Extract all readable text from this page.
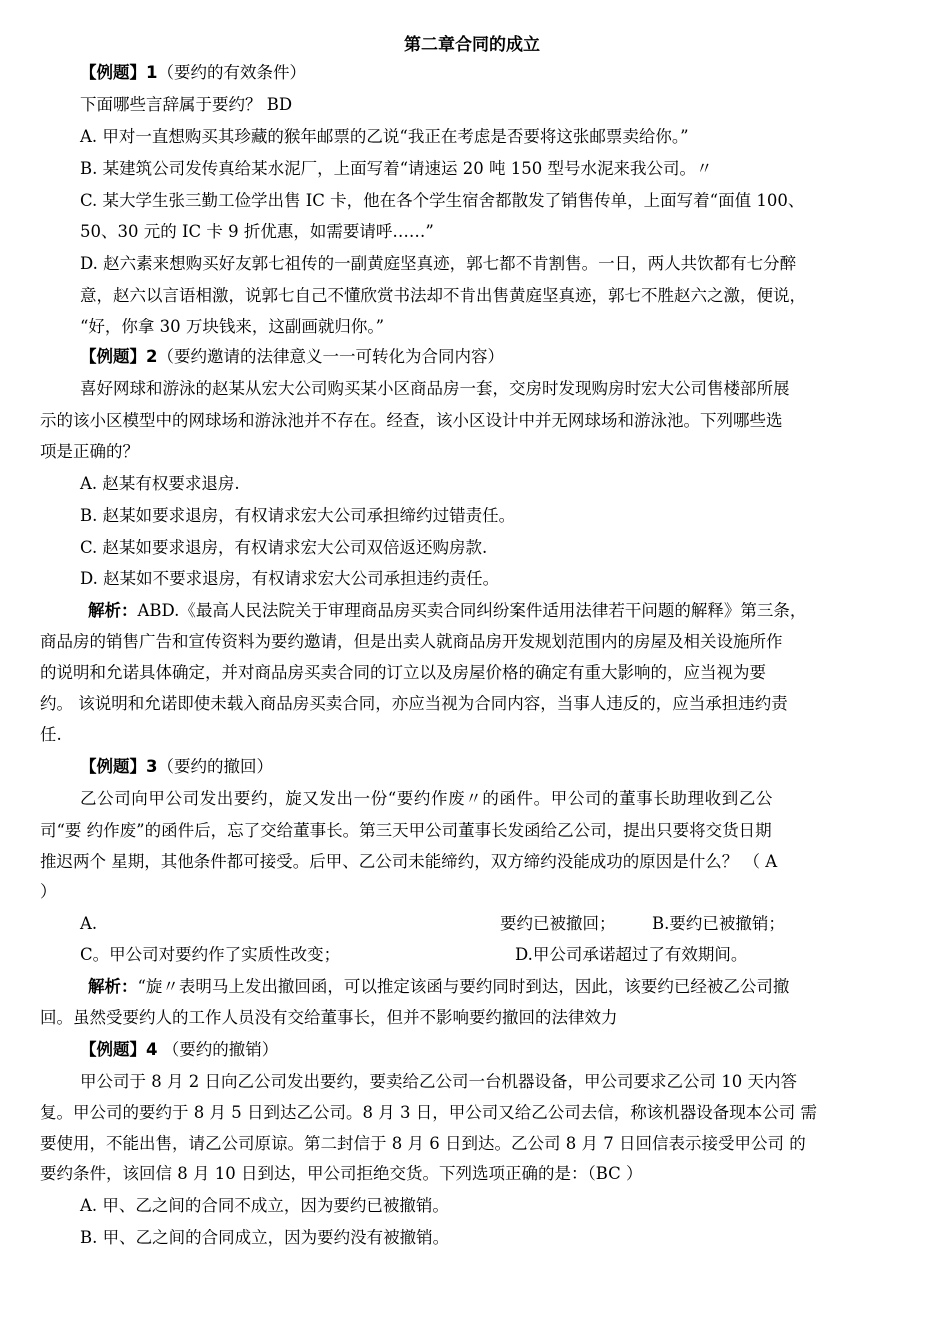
第二章合同的成立
【例题】1（要约的有效条件）
下面哪些言辞属于要约？ BD
A. 甲对一直想购买其珍藏的猴年邮票的乙说“我正在考虑是否要将这张邮票卖给你。”
B. 某建筑公司发传真给某水泥厂，上面写着“请速运 20 吨 150 型号水泥来我公司。〃
C. 某大学生张三勤工俭学出售 IC 卡，他在各个学生宿舍都散发了销售传单，上面写着“面值 100、
50、30 元的 IC 卡 9 折优惠，如需要请呼……”
D. 赵六素来想购买好友郭七祖传的一副黄庭坚真迹，郭七都不肯割售。一日，两人共饮都有七分醉
意，赵六以言语相激，说郭七自己不懂欣赏书法却不肯出售黄庭坚真迹，郭七不胜赵六之激，便说，
“好，你拿 30 万块钱来，这副画就归你。”
【例题】2（要约邀请的法律意义一一可转化为合同内容）
喜好网球和游泳的赵某从宏大公司购买某小区商品房一套，交房时发现购房时宏大公司售楼部所展
示的该小区模型中的网球场和游泳池并不存在。经查，该小区设计中并无网球场和游泳池。下列哪些选
项是正确的？
A. 赵某有权要求退房.
B. 赵某如要求退房，有权请求宏大公司承担缔约过错责任。
C. 赵某如要求退房，有权请求宏大公司双倍返还购房款.
D. 赵某如不要求退房，有权请求宏大公司承担违约责任。
解析：ABD.《最高人民法院关于审理商品房买卖合同纠纷案件适用法律若干问题的解释》第三条，
商品房的销售广告和宣传资料为要约邀请，但是出卖人就商品房开发规划范围内的房屋及相关设施所作
的说明和允诺具体确定，并对商品房买卖合同的订立以及房屋价格的确定有重大影响的，应当视为要
约。 该说明和允诺即使未载入商品房买卖合同，亦应当视为合同内容，当事人违反的，应当承担违约责
任.
【例题】3（要约的撤回）
乙公司向甲公司发出要约，旋又发出一份“要约作废〃的函件。甲公司的董事长助理收到乙公
司“要 约作废”的函件后，忘了交给董事长。第三天甲公司董事长发函给乙公司，提出只要将交货日期
推迟两个 星期，其他条件都可接受。后甲、乙公司未能缔约，双方缔约没能成功的原因是什么？ （ A
）
A.	要约已被撤回； B.要约已被撤销；
C。甲公司对要约作了实质性改变；	D.甲公司承诺超过了有效期间。
解析：“旋〃表明马上发出撤回函，可以推定该函与要约同时到达，因此，该要约已经被乙公司撤
回。虽然受要约人的工作人员没有交给董事长，但并不影响要约撤回的法律效力
【例题】4 （要约的撤销）
甲公司于 8 月 2 日向乙公司发出要约，要卖给乙公司一台机器设备，甲公司要求乙公司 10 天内答
复。甲公司的要约于 8 月 5 日到达乙公司。8 月 3 日，甲公司又给乙公司去信，称该机器设备现本公司 需
要使用，不能出售，请乙公司原谅。第二封信于 8 月 6 日到达。乙公司 8 月 7 日回信表示接受甲公司 的
要约条件，该回信 8 月 10 日到达，甲公司拒绝交货。下列选项正确的是：（BC ）
A. 甲、乙之间的合同不成立，因为要约已被撤销。
B. 甲、乙之间的合同成立，因为要约没有被撤销。
